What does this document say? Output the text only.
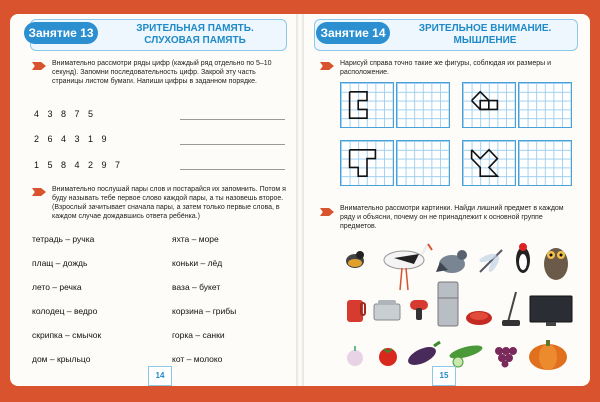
Занятие 13	ЗРИТЕЛЬНАЯ ПАМЯТЬ.
СЛУХОВАЯ ПАМЯТЬ
Внимательно рассмотри ряды цифр (каждый ряд отдельно по 5–10 секунд). Запомни последовательность цифр. Закрой эту часть страницы листом бумаги. Напиши цифры в заданном порядке.
4 3 8 7 5
2 6 4 3 1 9
1 5 8 4 2 9 7
Внимательно послушай пары слов и постарайся их запомнить. Потом я буду называть тебе первое слово каждой пары, а ты назовешь второе. (Взрослый зачитывает сначала пары, а затем только первые слова, в каждом случае дождавшись ответа ребёнка.)
тетрадь – ручка	яхта – море
плащ – дождь	коньки – лёд
лето – речка	ваза – букет
колодец – ведро	корзина – грибы
скрипка – смычок	горка – санки
дом – крыльцо	кот – молоко
14
Занятие 14	ЗРИТЕЛЬНОЕ ВНИМАНИЕ.
МЫШЛЕНИЕ
Нарисуй справа точно такие же фигуры, соблюдая их размеры и расположение.
Внимательно рассмотри картинки. Найди лишний предмет в каждом ряду и объясни, почему он не принадлежит к основной группе предметов.
15
